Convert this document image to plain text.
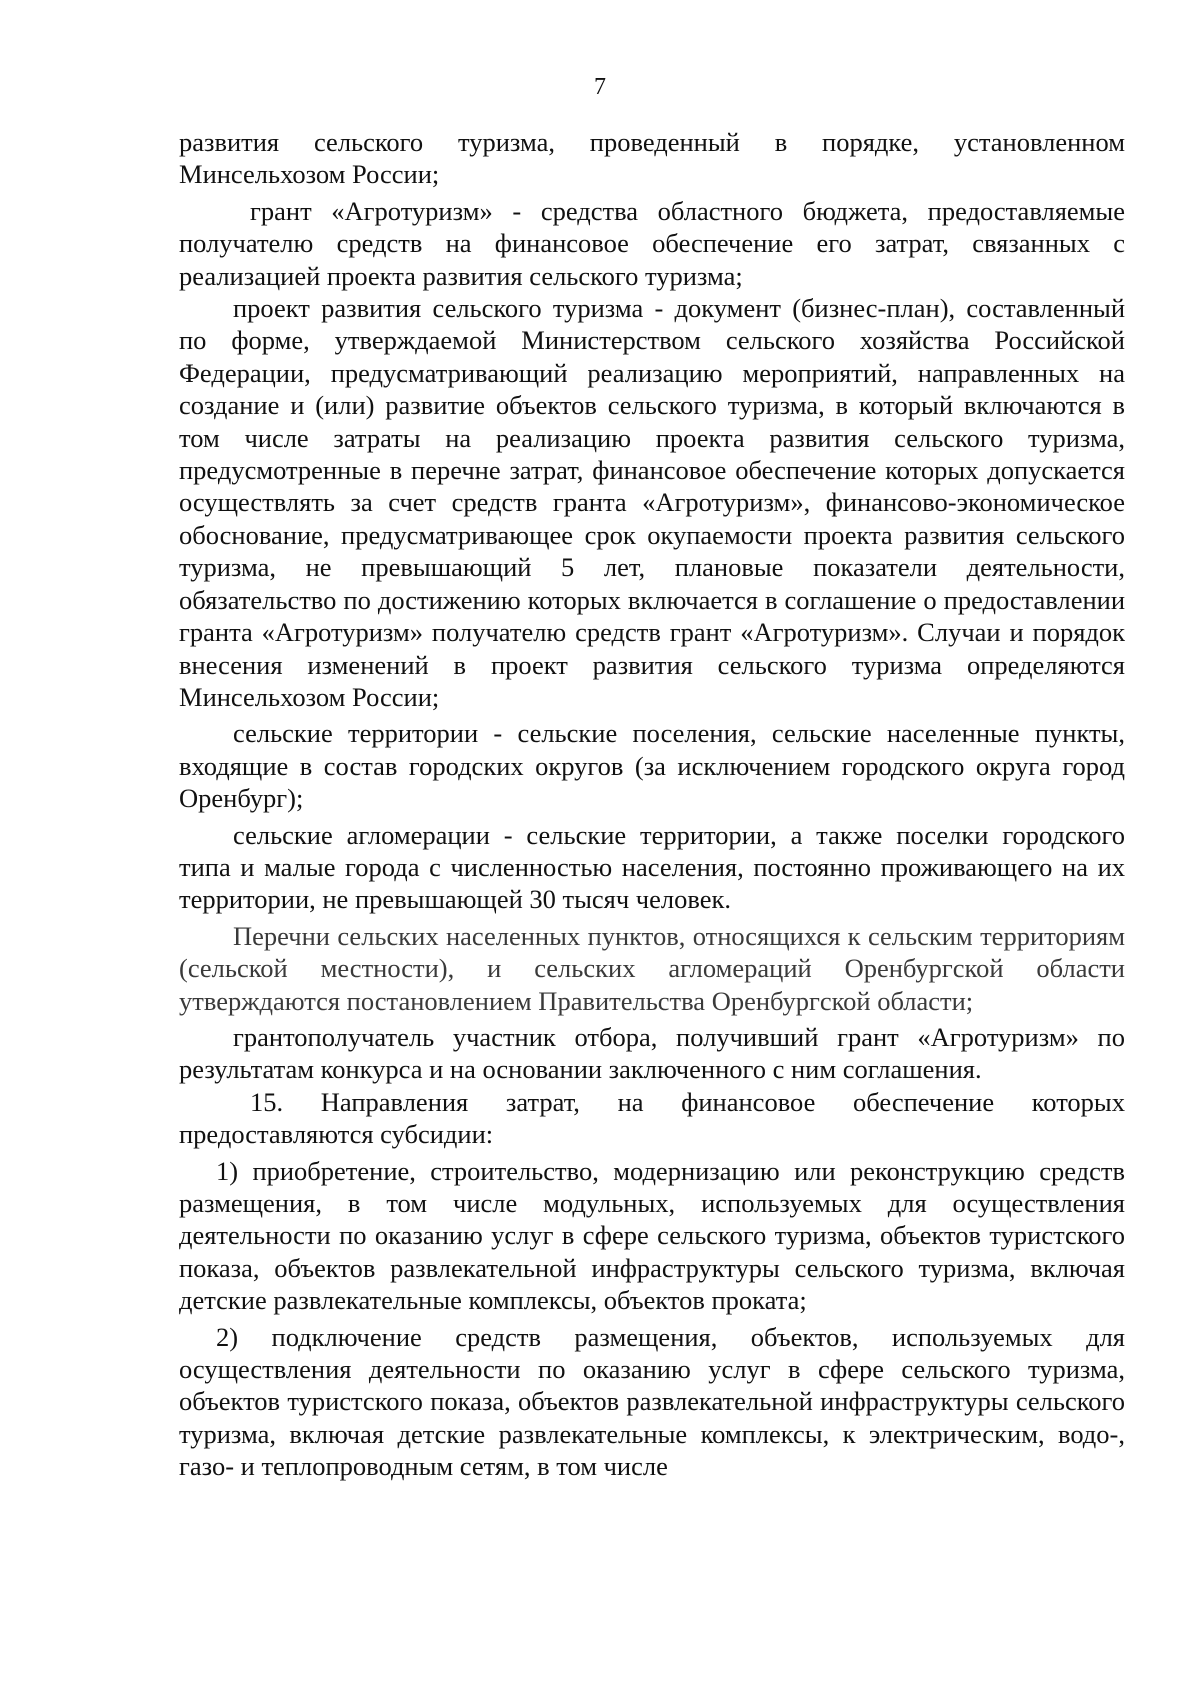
7

развития сельского туризма, проведенный в порядке, установленном Минсельхозом России;

грант «Агротуризм» - средства областного бюджета, предоставляемые получателю средств на финансовое обеспечение его затрат, связанных с реализацией проекта развития сельского туризма;

проект развития сельского туризма - документ (бизнес-план), составленный по форме, утверждаемой Министерством сельского хозяйства Российской Федерации, предусматривающий реализацию мероприятий, направленных на создание и (или) развитие объектов сельского туризма, в который включаются в том числе затраты на реализацию проекта развития сельского туризма, предусмотренные в перечне затрат, финансовое обеспечение которых допускается осуществлять за счет средств гранта «Агротуризм», финансово-экономическое обоснование, предусматривающее срок окупаемости проекта развития сельского туризма, не превышающий 5 лет, плановые показатели деятельности, обязательство по достижению которых включается в соглашение о предоставлении гранта «Агротуризм» получателю средств грант «Агротуризм». Случаи и порядок внесения изменений в проект развития сельского туризма определяются Минсельхозом России;

сельские территории - сельские поселения, сельские населенные пункты, входящие в состав городских округов (за исключением городского округа город Оренбург);

сельские агломерации - сельские территории, а также поселки городского типа и малые города с численностью населения, постоянно проживающего на их территории, не превышающей 30 тысяч человек.

Перечни сельских населенных пунктов, относящихся к сельским территориям (сельской местности), и сельских агломераций Оренбургской области утверждаются постановлением Правительства Оренбургской области;

грантополучатель участник отбора, получивший грант «Агротуризм» по результатам конкурса и на основании заключенного с ним соглашения.

15. Направления затрат, на финансовое обеспечение которых предоставляются субсидии:

1) приобретение, строительство, модернизацию или реконструкцию средств размещения, в том числе модульных, используемых для осуществления деятельности по оказанию услуг в сфере сельского туризма, объектов туристского показа, объектов развлекательной инфраструктуры сельского туризма, включая детские развлекательные комплексы, объектов проката;

2) подключение средств размещения, объектов, используемых для осуществления деятельности по оказанию услуг в сфере сельского туризма, объектов туристского показа, объектов развлекательной инфраструктуры сельского туризма, включая детские развлекательные комплексы, к электрическим, водо-, газо- и теплопроводным сетям, в том числе
